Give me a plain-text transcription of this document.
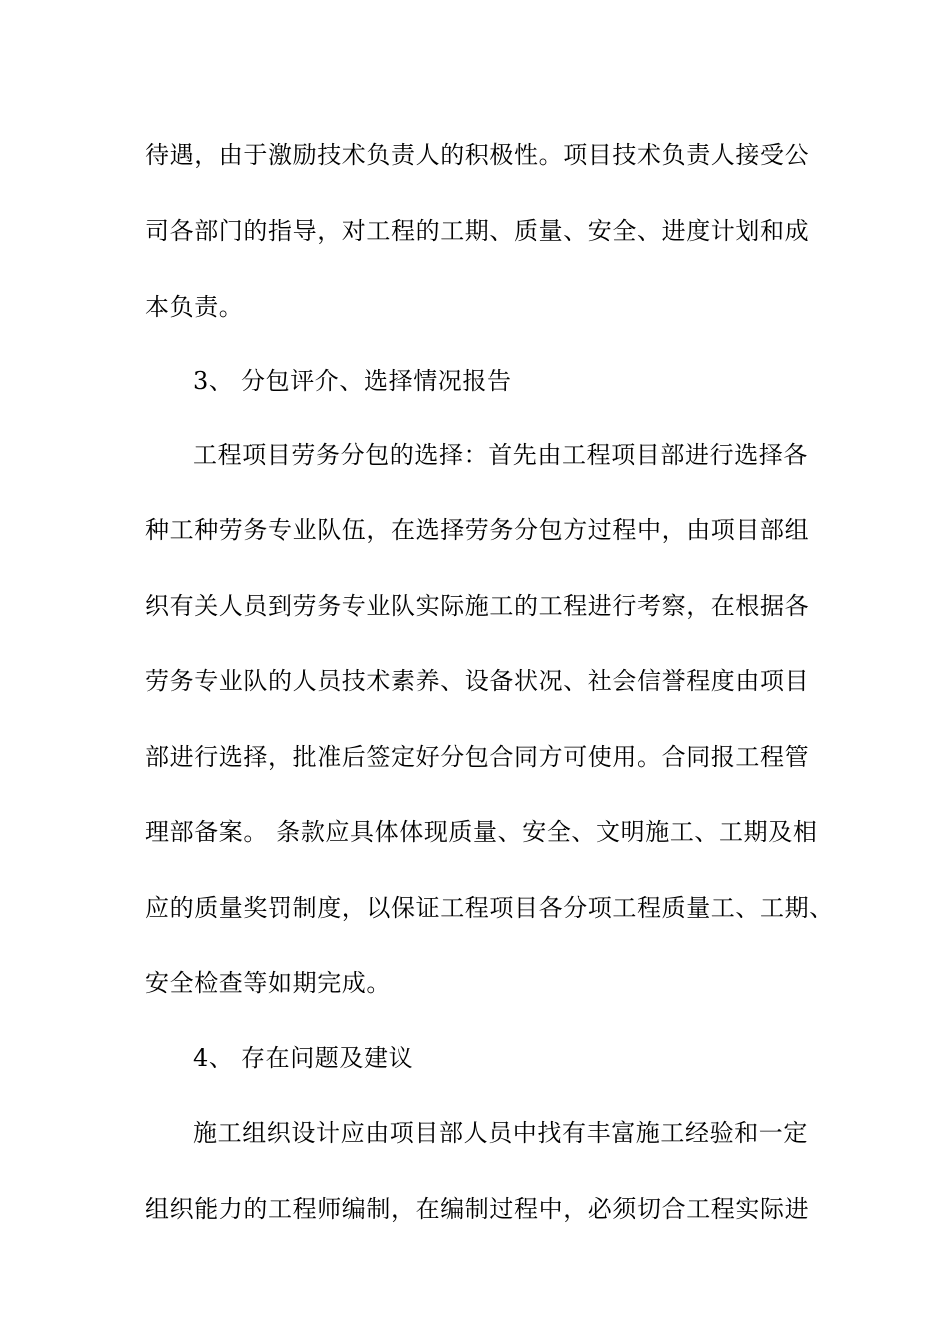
待遇，由于激励技术负责人的积极性。项目技术负责人接受公
司各部门的指导，对工程的工期、质量、安全、进度计划和成
本负责。
3、 分包评介、选择情况报告
工程项目劳务分包的选择：首先由工程项目部进行选择各
种工种劳务专业队伍，在选择劳务分包方过程中，由项目部组
织有关人员到劳务专业队实际施工的工程进行考察，在根据各
劳务专业队的人员技术素养、设备状况、社会信誉程度由项目
部进行选择，批准后签定好分包合同方可使用。合同报工程管
理部备案。 条款应具体体现质量、安全、文明施工、工期及相
应的质量奖罚制度，以保证工程项目各分项工程质量工、工期、
安全检查等如期完成。
4、 存在问题及建议
施工组织设计应由项目部人员中找有丰富施工经验和一定
组织能力的工程师编制，在编制过程中，必须切合工程实际进
